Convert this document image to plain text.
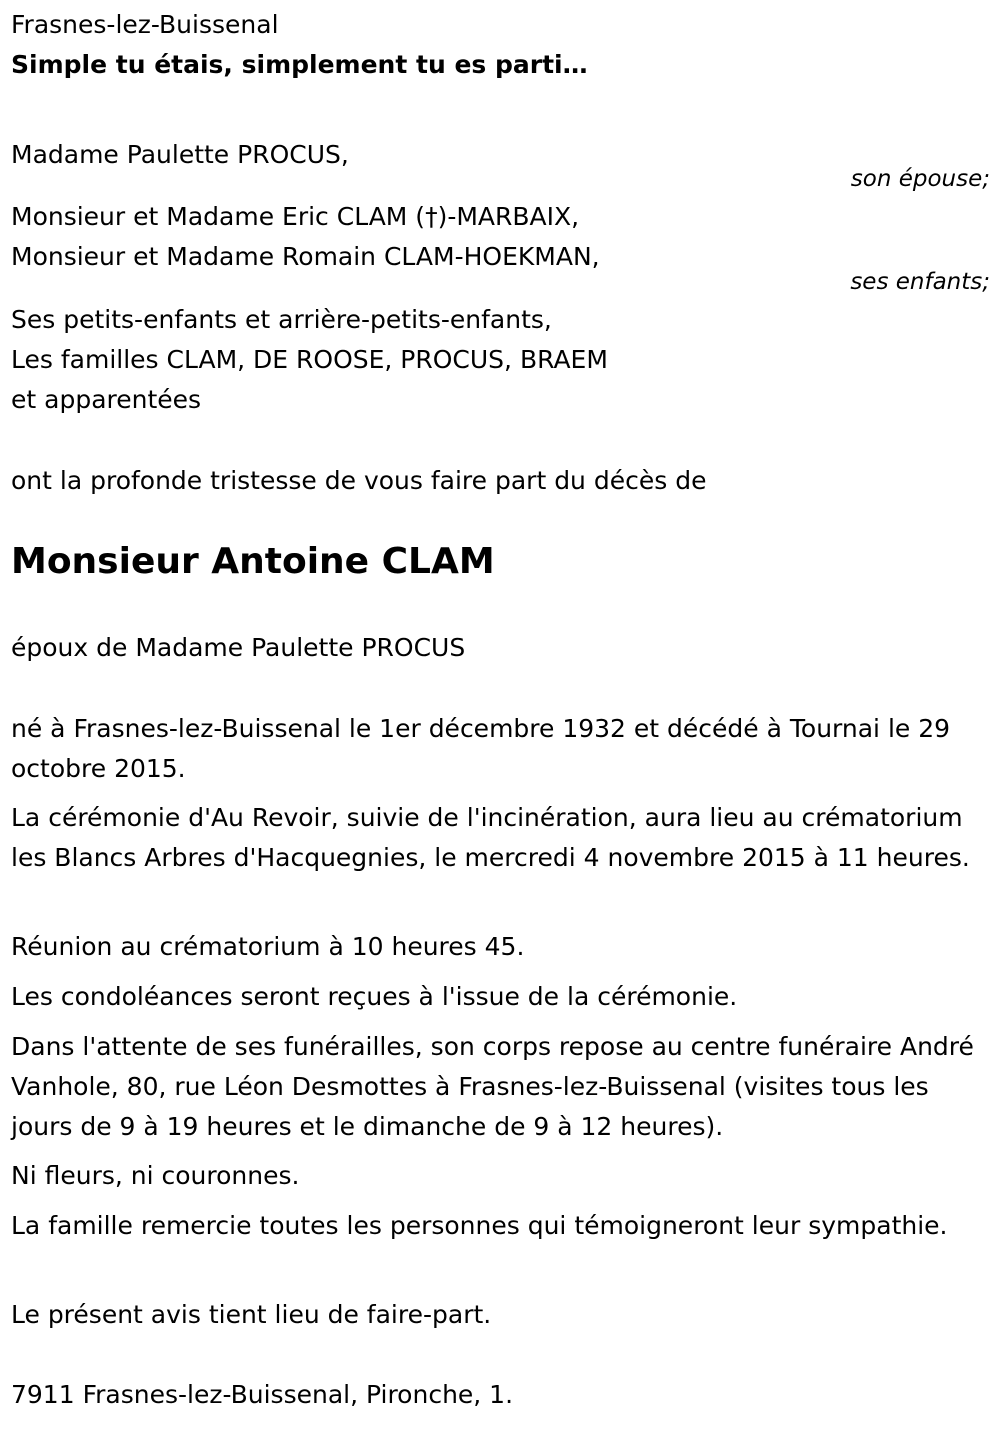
Frasnes-lez-Buissenal
Simple tu étais, simplement tu es parti…
Madame Paulette PROCUS,
son épouse;
Monsieur et Madame Eric CLAM (†)-MARBAIX,
Monsieur et Madame Romain CLAM-HOEKMAN,
ses enfants;
Ses petits-enfants et arrière-petits-enfants,
Les familles CLAM, DE ROOSE, PROCUS, BRAEM
et apparentées
ont la profonde tristesse de vous faire part du décès de
Monsieur Antoine CLAM
époux de Madame Paulette PROCUS
né à Frasnes-lez-Buissenal le 1er décembre 1932 et décédé à Tournai le 29 octobre 2015.
La cérémonie d'Au Revoir, suivie de l'incinération, aura lieu au crématorium les Blancs Arbres d'Hacquegnies, le mercredi 4 novembre 2015 à 11 heures.
Réunion au crématorium à 10 heures 45.
Les condoléances seront reçues à l'issue de la cérémonie.
Dans l'attente de ses funérailles, son corps repose au centre funéraire André Vanhole, 80, rue Léon Desmottes à Frasnes-lez-Buissenal (visites tous les jours de 9 à 19 heures et le dimanche de 9 à 12 heures).
Ni fleurs, ni couronnes.
La famille remercie toutes les personnes qui témoigneront leur sympathie.
Le présent avis tient lieu de faire-part.
7911 Frasnes-lez-Buissenal, Pironche, 1.
